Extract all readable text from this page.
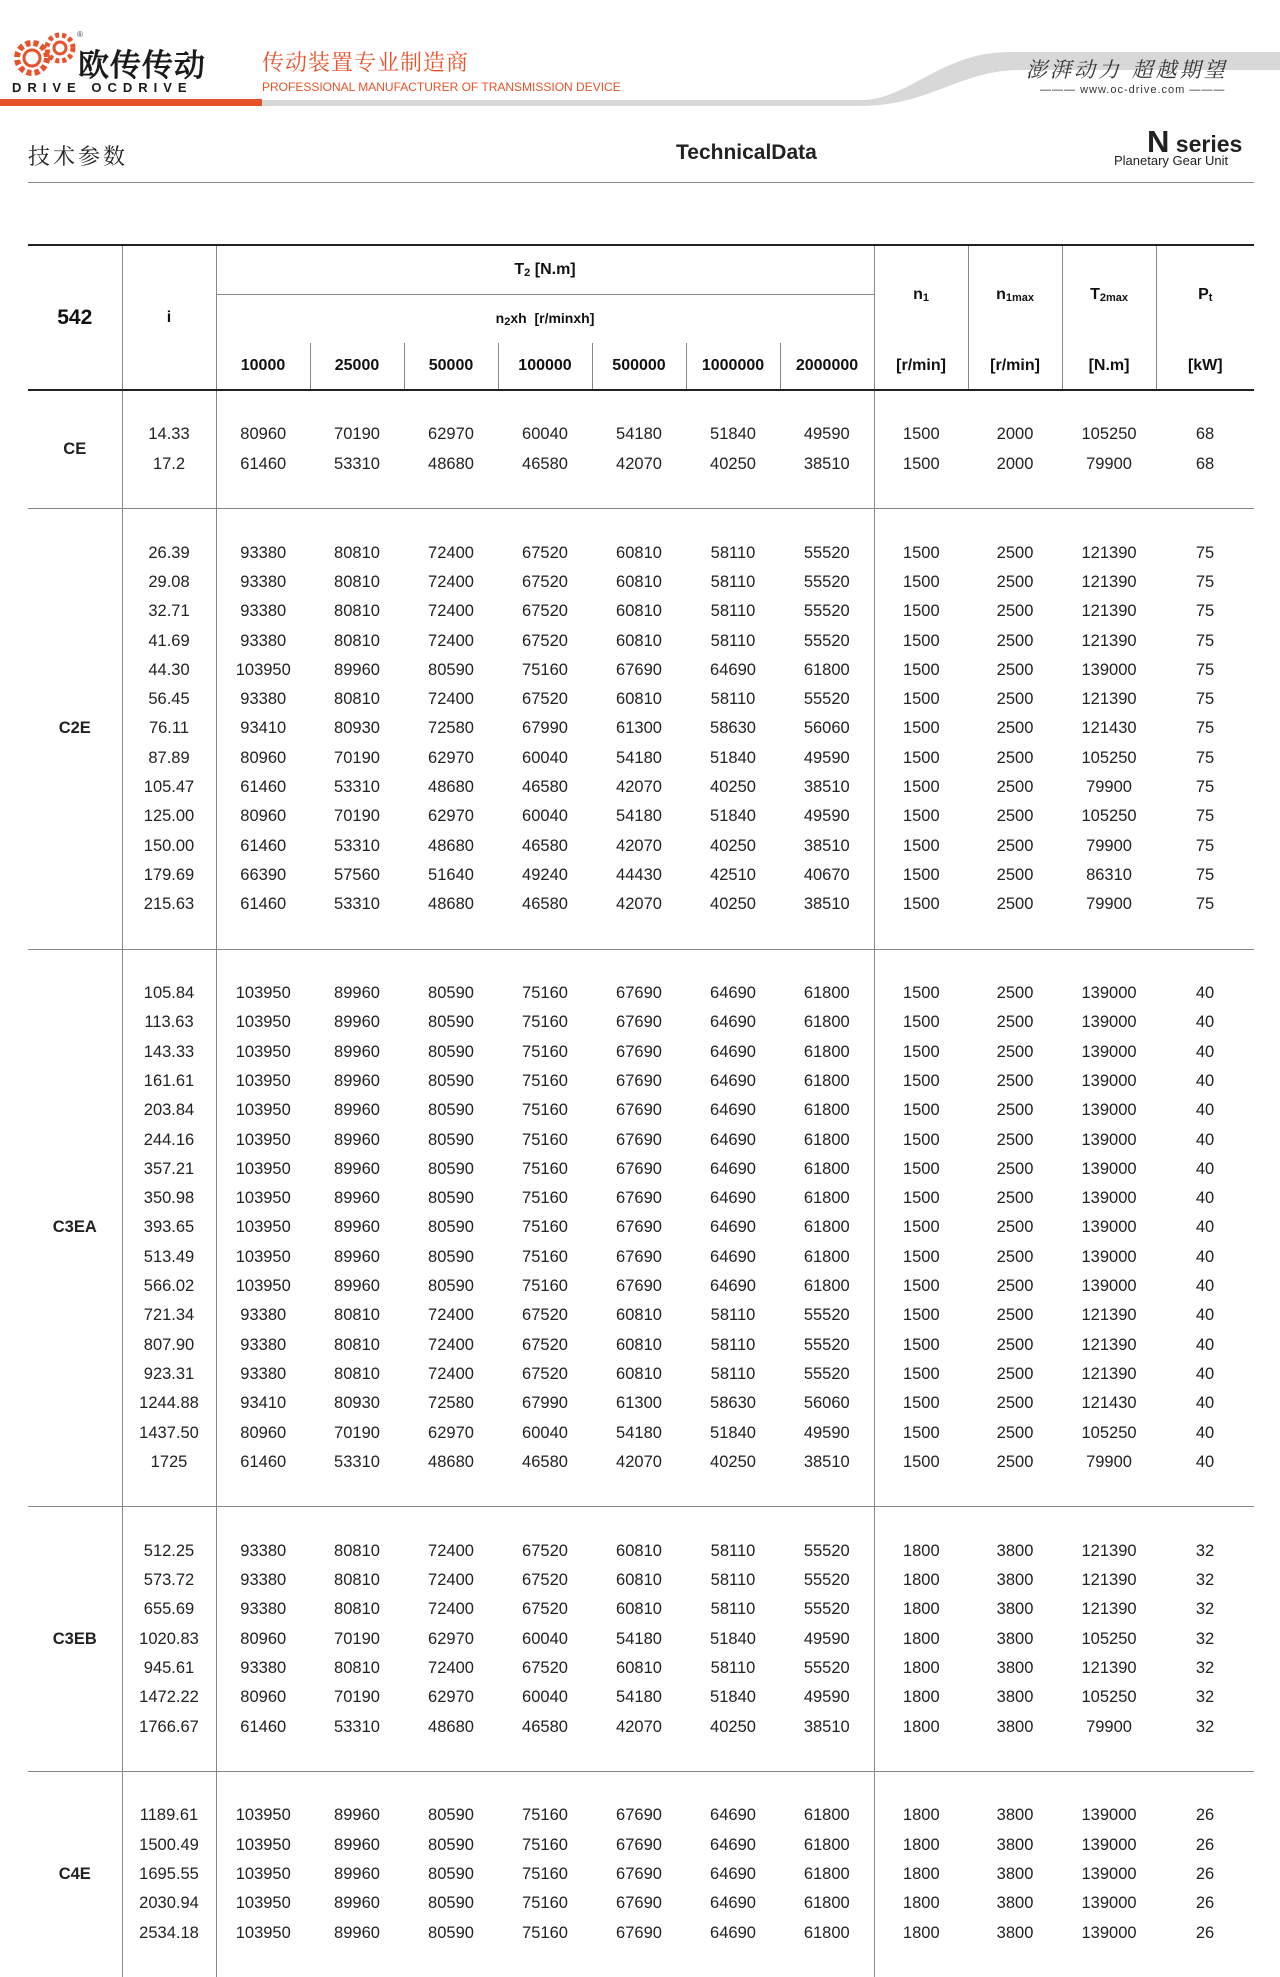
®
欧传传动
DRIVE OCDRIVE
传动装置专业制造商
PROFESSIONAL MANUFACTURER OF TRANSMISSION DEVICE
澎湃动力 超越期望
——— www.oc-drive.com ———
技术参数	TechnicalData	N series
Planetary Gear Unit
542	i	T2 [N.m]							n1	n1max	T2max	Pt
		n2xh  [r/minxh]										
		10000	25000	50000	100000	500000	1000000	2000000	[r/min]	[r/min]	[N.m]	[kW]

CE	14.33	80960	70190	62970	60040	54180	51840	49590	1500	2000	105250	68
	17.2	61460	53310	48680	46580	42070	40250	38510	1500	2000	79900	68

C2E	26.39	93380	80810	72400	67520	60810	58110	55520	1500	2500	121390	75
	29.08	93380	80810	72400	67520	60810	58110	55520	1500	2500	121390	75
	32.71	93380	80810	72400	67520	60810	58110	55520	1500	2500	121390	75
	41.69	93380	80810	72400	67520	60810	58110	55520	1500	2500	121390	75
	44.30	103950	89960	80590	75160	67690	64690	61800	1500	2500	139000	75
	56.45	93380	80810	72400	67520	60810	58110	55520	1500	2500	121390	75
	76.11	93410	80930	72580	67990	61300	58630	56060	1500	2500	121430	75
	87.89	80960	70190	62970	60040	54180	51840	49590	1500	2500	105250	75
	105.47	61460	53310	48680	46580	42070	40250	38510	1500	2500	79900	75
	125.00	80960	70190	62970	60040	54180	51840	49590	1500	2500	105250	75
	150.00	61460	53310	48680	46580	42070	40250	38510	1500	2500	79900	75
	179.69	66390	57560	51640	49240	44430	42510	40670	1500	2500	86310	75
	215.63	61460	53310	48680	46580	42070	40250	38510	1500	2500	79900	75

C3EA	105.84	103950	89960	80590	75160	67690	64690	61800	1500	2500	139000	40
	113.63	103950	89960	80590	75160	67690	64690	61800	1500	2500	139000	40
	143.33	103950	89960	80590	75160	67690	64690	61800	1500	2500	139000	40
	161.61	103950	89960	80590	75160	67690	64690	61800	1500	2500	139000	40
	203.84	103950	89960	80590	75160	67690	64690	61800	1500	2500	139000	40
	244.16	103950	89960	80590	75160	67690	64690	61800	1500	2500	139000	40
	357.21	103950	89960	80590	75160	67690	64690	61800	1500	2500	139000	40
	350.98	103950	89960	80590	75160	67690	64690	61800	1500	2500	139000	40
	393.65	103950	89960	80590	75160	67690	64690	61800	1500	2500	139000	40
	513.49	103950	89960	80590	75160	67690	64690	61800	1500	2500	139000	40
	566.02	103950	89960	80590	75160	67690	64690	61800	1500	2500	139000	40
	721.34	93380	80810	72400	67520	60810	58110	55520	1500	2500	121390	40
	807.90	93380	80810	72400	67520	60810	58110	55520	1500	2500	121390	40
	923.31	93380	80810	72400	67520	60810	58110	55520	1500	2500	121390	40
	1244.88	93410	80930	72580	67990	61300	58630	56060	1500	2500	121430	40
	1437.50	80960	70190	62970	60040	54180	51840	49590	1500	2500	105250	40
	1725	61460	53310	48680	46580	42070	40250	38510	1500	2500	79900	40

C3EB	512.25	93380	80810	72400	67520	60810	58110	55520	1800	3800	121390	32
	573.72	93380	80810	72400	67520	60810	58110	55520	1800	3800	121390	32
	655.69	93380	80810	72400	67520	60810	58110	55520	1800	3800	121390	32
	1020.83	80960	70190	62970	60040	54180	51840	49590	1800	3800	105250	32
	945.61	93380	80810	72400	67520	60810	58110	55520	1800	3800	121390	32
	1472.22	80960	70190	62970	60040	54180	51840	49590	1800	3800	105250	32
	1766.67	61460	53310	48680	46580	42070	40250	38510	1800	3800	79900	32

C4E	1189.61	103950	89960	80590	75160	67690	64690	61800	1800	3800	139000	26
	1500.49	103950	89960	80590	75160	67690	64690	61800	1800	3800	139000	26
	1695.55	103950	89960	80590	75160	67690	64690	61800	1800	3800	139000	26
	2030.94	103950	89960	80590	75160	67690	64690	61800	1800	3800	139000	26
	2534.18	103950	89960	80590	75160	67690	64690	61800	1800	3800	139000	26
